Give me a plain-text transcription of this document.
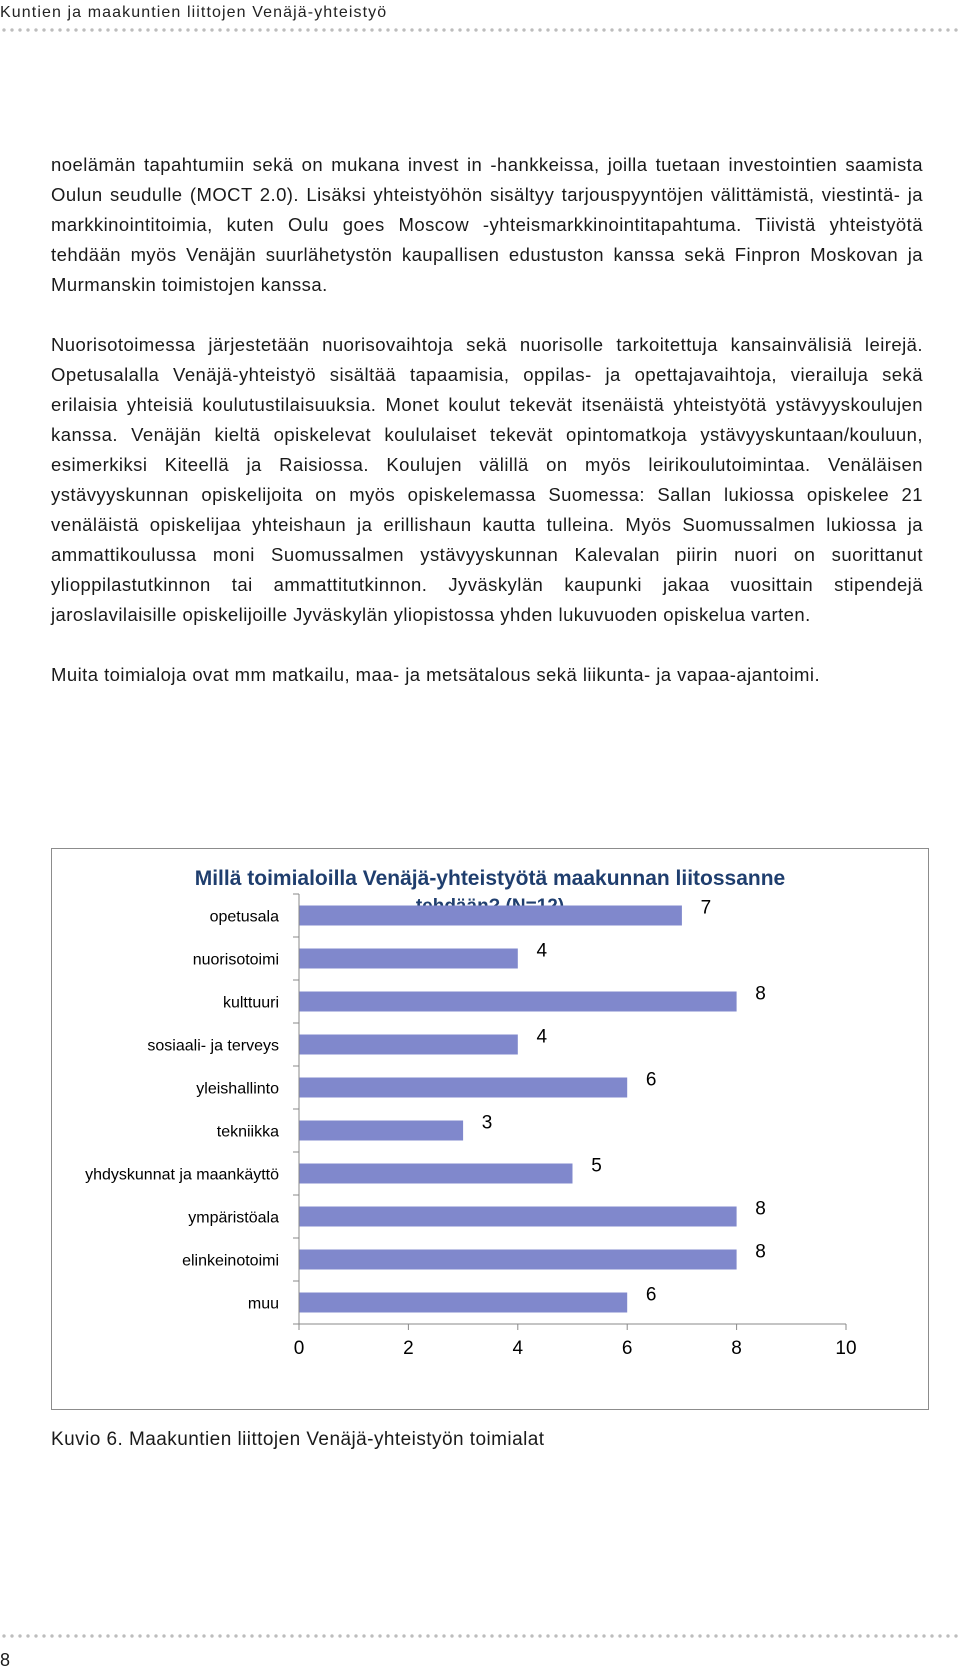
Kuntien ja maakuntien liittojen Venäjä-yhteistyö

noelämän tapahtumiin sekä on mukana invest in -hankkeissa, joilla tuetaan investointien saamista Oulun seudulle (MOCT 2.0). Lisäksi yhteistyöhön sisältyy tarjouspyyntöjen välittämistä, viestintä- ja markkinointitoimia, kuten Oulu goes Moscow -yhteismarkkinointitapahtuma. Tiivistä yhteistyötä tehdään myös Venäjän suurlähetystön kaupallisen edustuston kanssa sekä Finpron Moskovan ja Murmanskin toimistojen kanssa.

Nuorisotoimessa järjestetään nuorisovaihtoja sekä nuorisolle tarkoitettuja kansainvälisiä leirejä. Opetusalalla Venäjä-yhteistyö sisältää tapaamisia, oppilas- ja opettajavaihtoja, vierailuja sekä erilaisia yhteisiä koulutustilaisuuksia. Monet koulut tekevät itsenäistä yhteistyötä ystävyyskoulujen kanssa. Venäjän kieltä opiskelevat koululaiset tekevät opintomatkoja ystävyyskuntaan/kouluun, esimerkiksi Kiteellä ja Raisiossa. Koulujen välillä on myös leirikoulutoimintaa. Venäläisen ystävyyskunnan opiskelijoita on myös opiskelemassa Suomessa: Sallan lukiossa opiskelee 21 venäläistä opiskelijaa yhteishaun ja erillishaun kautta tulleina. Myös Suomussalmen lukiossa ja ammattikoulussa moni Suomussalmen ystävyyskunnan Kalevalan piirin nuori on suorittanut ylioppilastutkinnon tai ammattitutkinnon. Jyväskylän kaupunki jakaa vuosittain stipendejä jaroslavilaisille opiskelijoille Jyväskylän yliopistossa yhden lukuvuoden opiskelua varten.

Muita toimialoja ovat mm matkailu, maa- ja metsätalous sekä liikunta- ja vapaa-ajantoimi.

Millä toimialoilla Venäjä-yhteistyötä maakunnan liitossanne
opetusala	7
nuorisotoimi	4
kulttuuri	8
sosiaali- ja terveys	4
yleishallinto	6
tekniikka	3
yhdyskunnat ja maankäyttö	5
ympäristöala	8
elinkeinotoimi	8
muu	6
0	2	4	6	8	10
Kuvio 6. Maakuntien liittojen Venäjä-yhteistyön toimialat
8
